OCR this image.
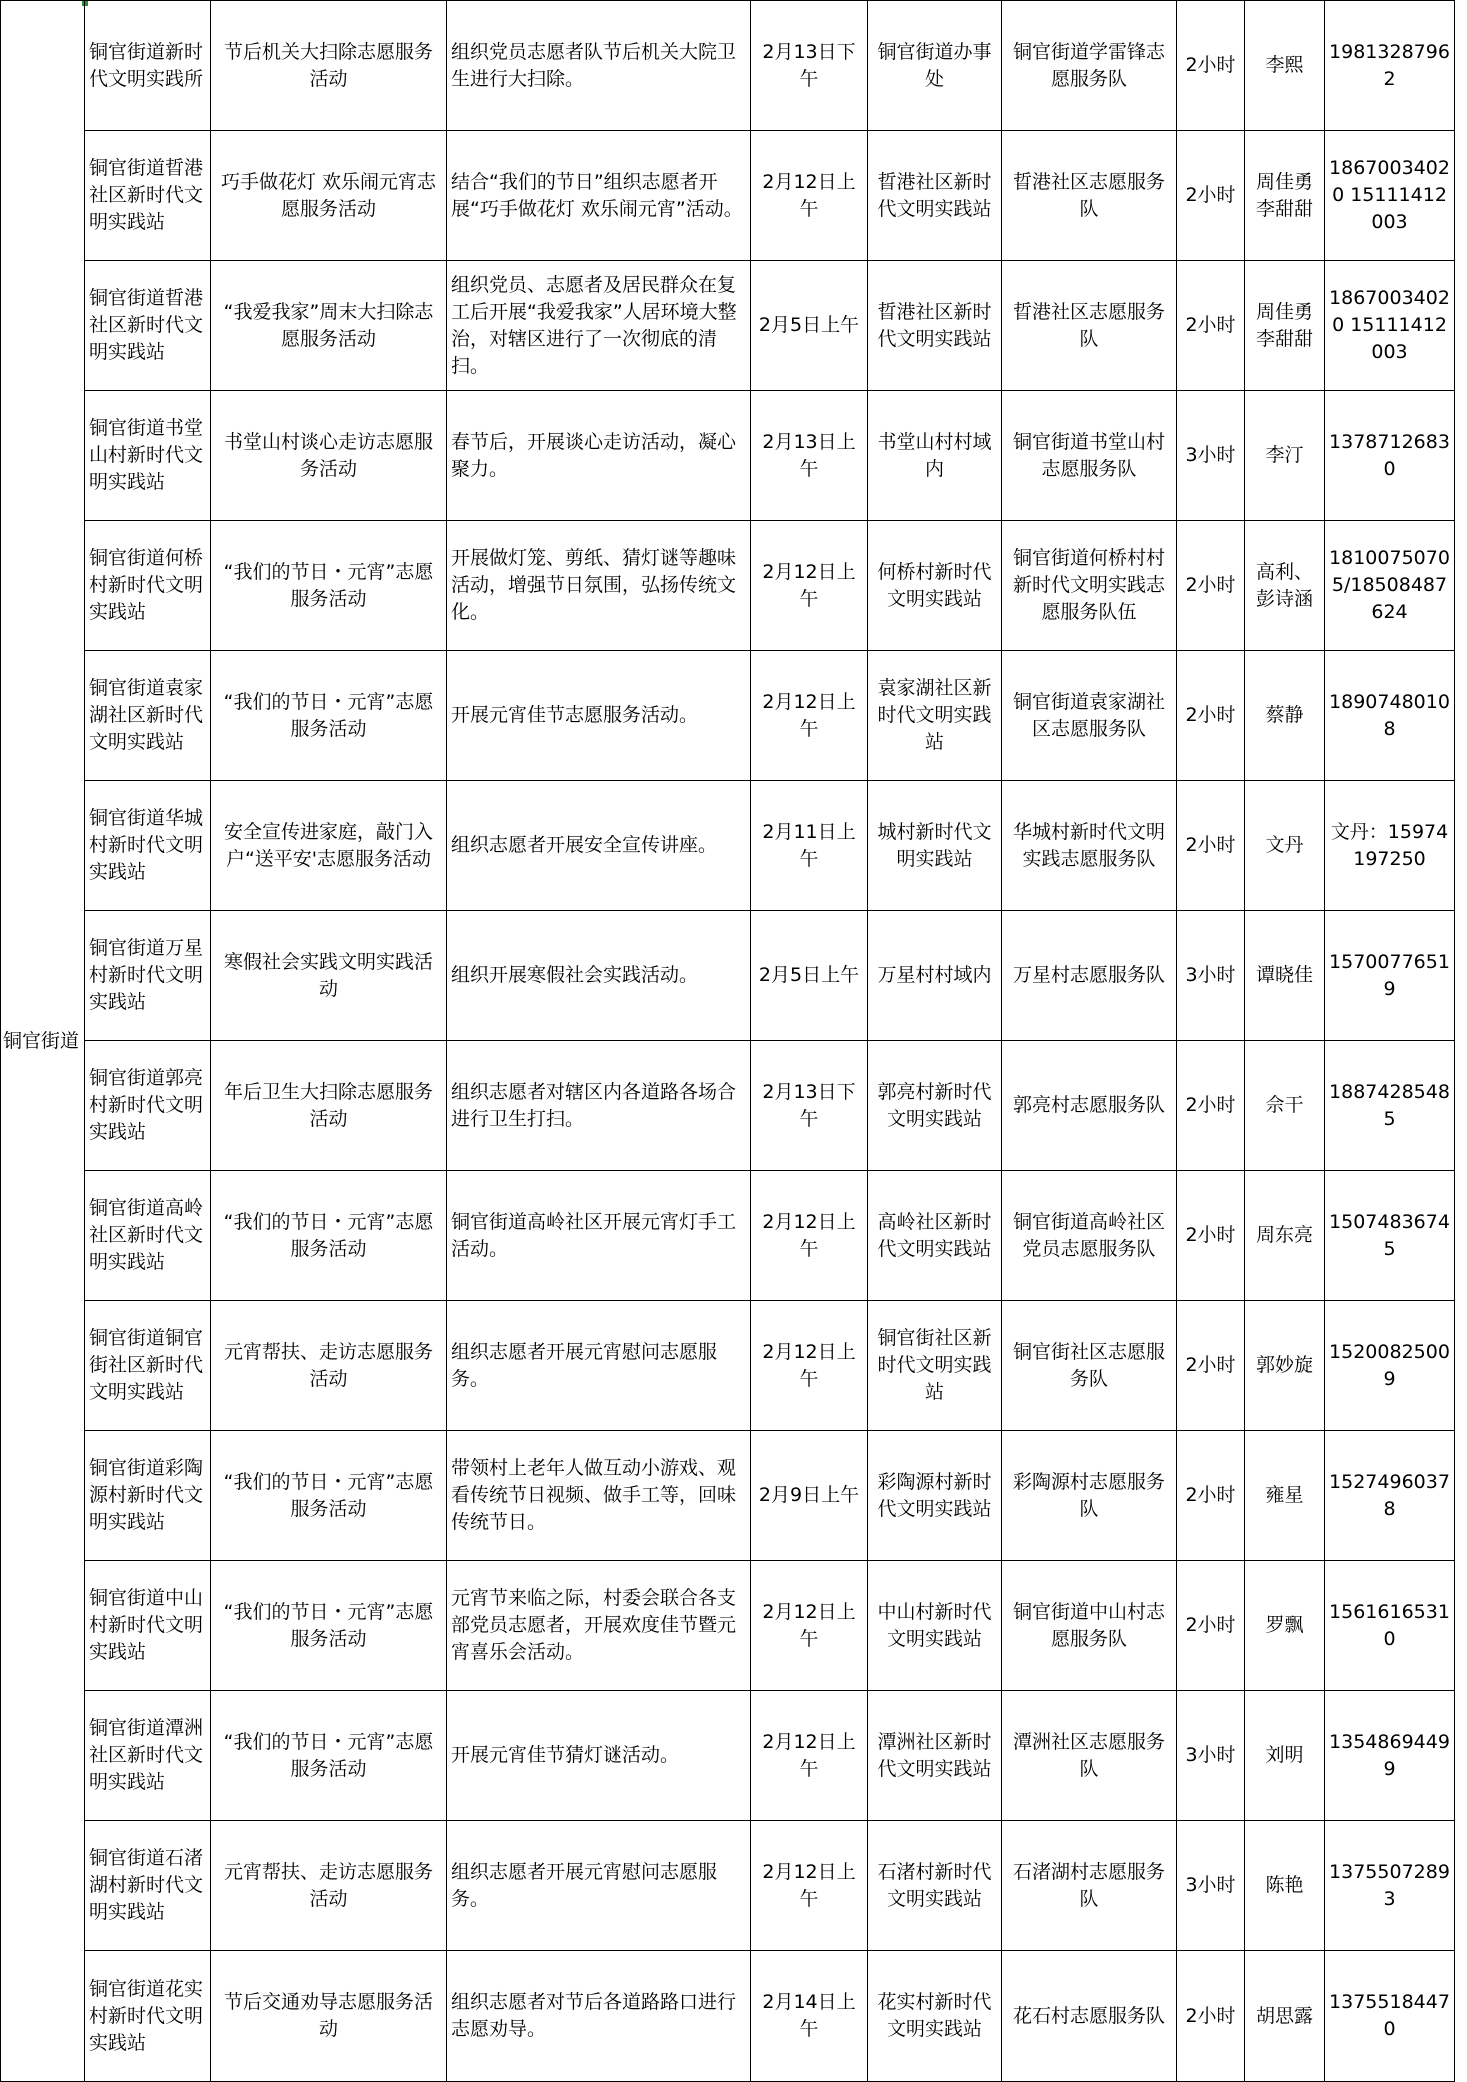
铜官街道	铜官街道新时代文明实践所	节后机关大扫除志愿服务活动	组织党员志愿者队节后机关大院卫生进行大扫除。	2月13日下午	铜官街道办事处	铜官街道学雷锋志愿服务队	2小时	李熙	19813287962
	铜官街道晢港社区新时代文明实践站	巧手做花灯 欢乐闹元宵志愿服务活动	结合“我们的节日”组织志愿者开展“巧手做花灯 欢乐闹元宵”活动。	2月12日上午	晢港社区新时代文明实践站	晢港社区志愿服务队	2小时	周佳勇 李甜甜	18670034020 15111412003
	铜官街道晢港社区新时代文明实践站	“我爱我家”周末大扫除志愿服务活动	组织党员、志愿者及居民群众在复工后开展“我爱我家”人居环境大整治，对辖区进行了一次彻底的清扫。	2月5日上午	晢港社区新时代文明实践站	晢港社区志愿服务队	2小时	周佳勇 李甜甜	18670034020 15111412003
	铜官街道书堂山村新时代文明实践站	书堂山村谈心走访志愿服务活动	春节后，开展谈心走访活动，凝心聚力。	2月13日上午	书堂山村村域内	铜官街道书堂山村志愿服务队	3小时	李汀	13787126830
	铜官街道何桥村新时代文明实践站	“我们的节日・元宵”志愿服务活动	开展做灯笼、剪纸、猜灯谜等趣味活动，增强节日氛围，弘扬传统文化。	2月12日上午	何桥村新时代文明实践站	铜官街道何桥村村新时代文明实践志愿服务队伍	2小时	高利、彭诗涵	18100750705/18508487624
	铜官街道袁家湖社区新时代文明实践站	“我们的节日・元宵”志愿服务活动	开展元宵佳节志愿服务活动。	2月12日上午	袁家湖社区新时代文明实践站	铜官街道袁家湖社区志愿服务队	2小时	蔡静	18907480108
	铜官街道华城村新时代文明实践站	安全宣传进家庭，敲门入户“送平安'志愿服务活动	组织志愿者开展安全宣传讲座。	2月11日上午	城村新时代文明实践站	华城村新时代文明实践志愿服务队	2小时	文丹	文丹：15974197250
	铜官街道万星村新时代文明实践站	寒假社会实践文明实践活动	组织开展寒假社会实践活动。	2月5日上午	万星村村域内	万星村志愿服务队	3小时	谭晓佳	15700776519
	铜官街道郭亮村新时代文明实践站	年后卫生大扫除志愿服务活动	组织志愿者对辖区内各道路各场合进行卫生打扫。	2月13日下午	郭亮村新时代文明实践站	郭亮村志愿服务队	2小时	佘干	18874285485
	铜官街道高岭社区新时代文明实践站	“我们的节日・元宵”志愿服务活动	铜官街道高岭社区开展元宵灯手工活动。	2月12日上午	高岭社区新时代文明实践站	铜官街道高岭社区党员志愿服务队	2小时	周东亮	15074836745
	铜官街道铜官街社区新时代文明实践站	元宵帮扶、走访志愿服务活动	组织志愿者开展元宵慰问志愿服务。	2月12日上午	铜官街社区新时代文明实践站	铜官街社区志愿服务队	2小时	郭妙旋	15200825009
	铜官街道彩陶源村新时代文明实践站	“我们的节日・元宵”志愿服务活动	带领村上老年人做互动小游戏、观看传统节日视频、做手工等，回味传统节日。	2月9日上午	彩陶源村新时代文明实践站	彩陶源村志愿服务队	2小时	雍星	15274960378
	铜官街道中山村新时代文明实践站	“我们的节日・元宵”志愿服务活动	元宵节来临之际，村委会联合各支部党员志愿者，开展欢度佳节暨元宵喜乐会活动。	2月12日上午	中山村新时代文明实践站	铜官街道中山村志愿服务队	2小时	罗飘	15616165310
	铜官街道潭洲社区新时代文明实践站	“我们的节日・元宵”志愿服务活动	开展元宵佳节猜灯谜活动。	2月12日上午	潭洲社区新时代文明实践站	潭洲社区志愿服务队	3小时	刘明	13548694499
	铜官街道石渚湖村新时代文明实践站	元宵帮扶、走访志愿服务活动	组织志愿者开展元宵慰问志愿服务。	2月12日上午	石渚村新时代文明实践站	石渚湖村志愿服务队	3小时	陈艳	13755072893
	铜官街道花实村新时代文明实践站	节后交通劝导志愿服务活动	组织志愿者对节后各道路路口进行志愿劝导。	2月14日上午	花实村新时代文明实践站	花石村志愿服务队	2小时	胡思露	13755184470
